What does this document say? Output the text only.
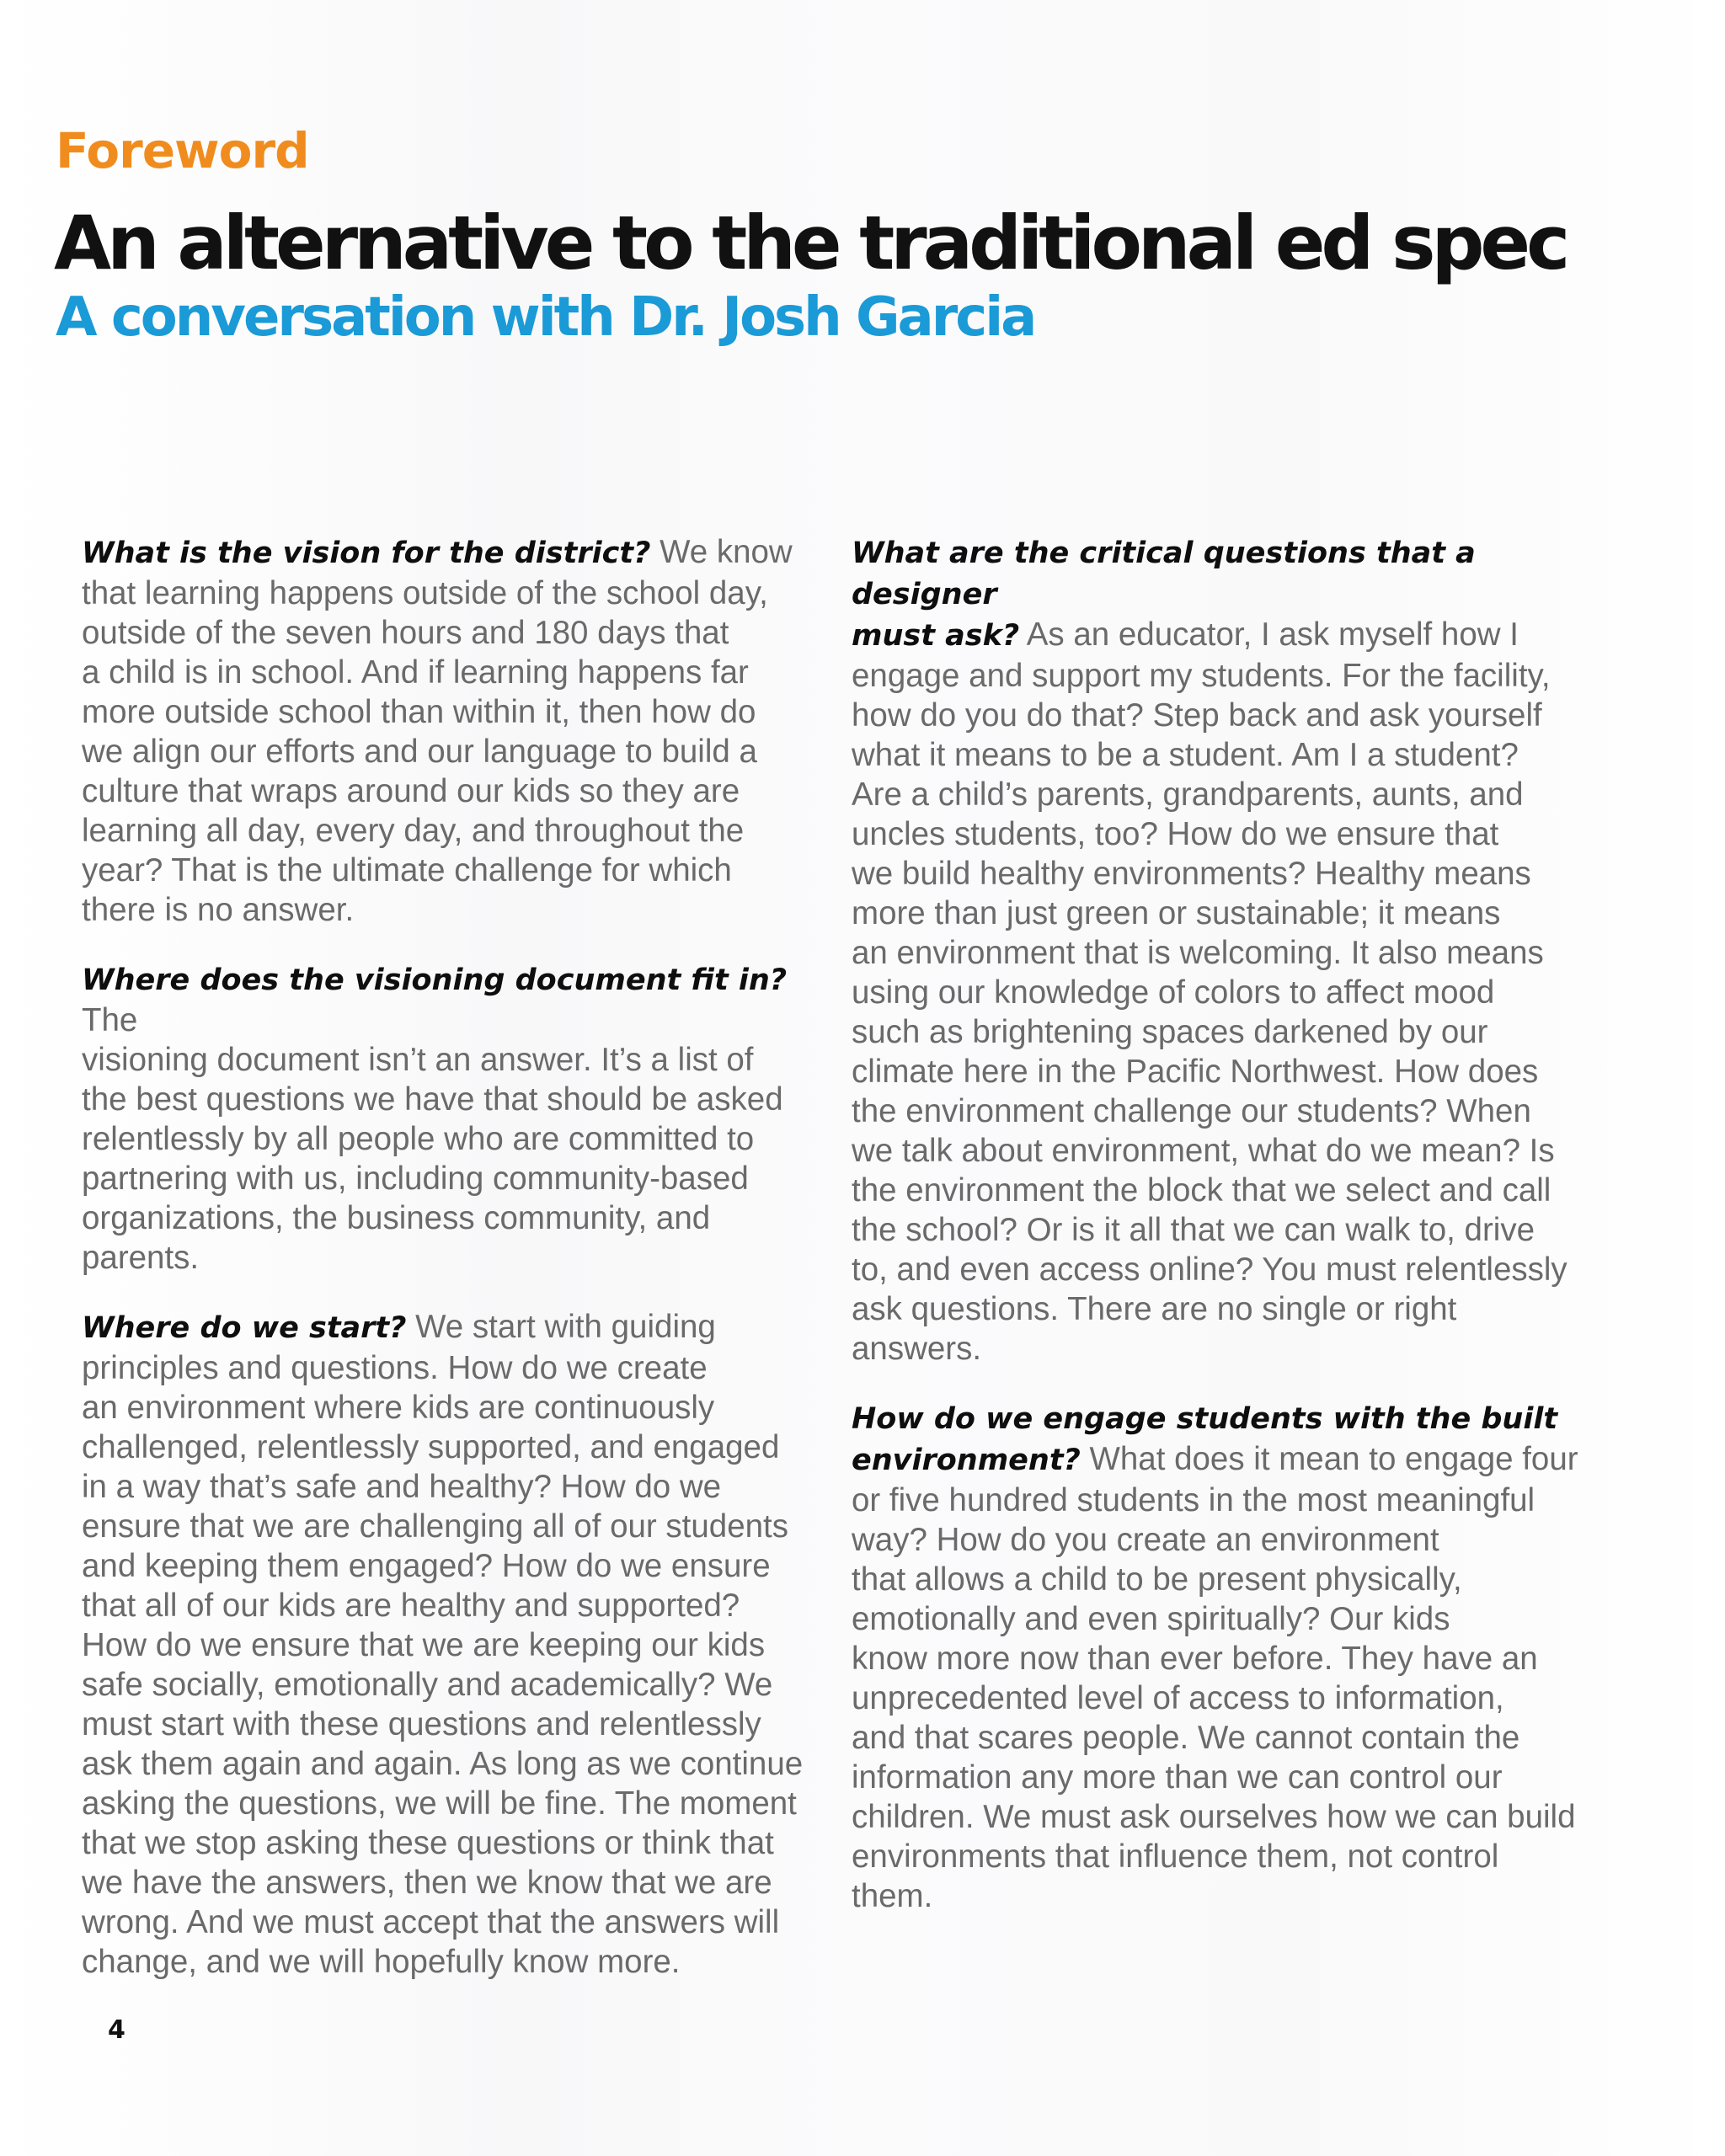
Foreword
An alternative to the traditional ed spec
A conversation with Dr. Josh Garcia

What is the vision for the district? We know
that learning happens outside of the school day,
outside of the seven hours and 180 days that
a child is in school. And if learning happens far
more outside school than within it, then how do
we align our efforts and our language to build a
culture that wraps around our kids so they are
learning all day, every day, and throughout the
year? That is the ultimate challenge for which
there is no answer.

Where does the visioning document fit in? The
visioning document isn’t an answer. It’s a list of
the best questions we have that should be asked
relentlessly by all people who are committed to
partnering with us, including community-based
organizations, the business community, and
parents.

Where do we start? We start with guiding
principles and questions. How do we create
an environment where kids are continuously
challenged, relentlessly supported, and engaged
in a way that’s safe and healthy? How do we
ensure that we are challenging all of our students
and keeping them engaged? How do we ensure
that all of our kids are healthy and supported?
How do we ensure that we are keeping our kids
safe socially, emotionally and academically? We
must start with these questions and relentlessly
ask them again and again. As long as we continue
asking the questions, we will be fine. The moment
that we stop asking these questions or think that
we have the answers, then we know that we are
wrong. And we must accept that the answers will
change, and we will hopefully know more.

What are the critical questions that a designer
must ask? As an educator, I ask myself how I
engage and support my students. For the facility,
how do you do that? Step back and ask yourself
what it means to be a student. Am I a student?
Are a child’s parents, grandparents, aunts, and
uncles students, too? How do we ensure that
we build healthy environments? Healthy means
more than just green or sustainable; it means
an environment that is welcoming. It also means
using our knowledge of colors to affect mood
such as brightening spaces darkened by our
climate here in the Pacific Northwest. How does
the environment challenge our students? When
we talk about environment, what do we mean? Is
the environment the block that we select and call
the school? Or is it all that we can walk to, drive
to, and even access online? You must relentlessly
ask questions. There are no single or right
answers.

How do we engage students with the built
environment? What does it mean to engage four
or five hundred students in the most meaningful
way? How do you create an environment
that allows a child to be present physically,
emotionally and even spiritually? Our kids
know more now than ever before. They have an
unprecedented level of access to information,
and that scares people. We cannot contain the
information any more than we can control our
children. We must ask ourselves how we can build
environments that influence them, not control
them.

4
